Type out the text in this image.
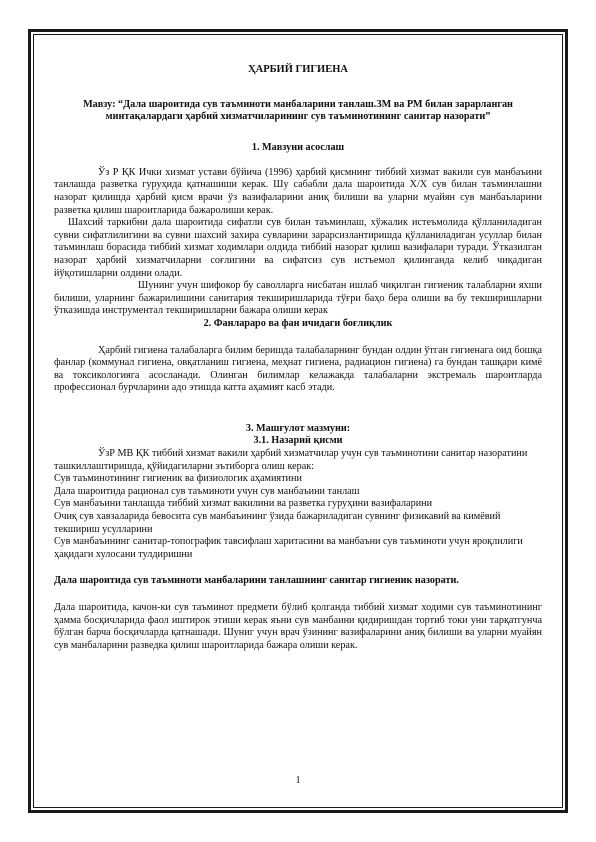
ҲАРБИЙ ГИГИЕНА

Мавзу: “Дала шароитида сув таъминоти манбаларини танлаш.ЗМ ва РМ билан зарарланган минтақалардаги ҳарбий хизматчиларининг сув таъминотининг санитар назорати”

1. Мавзуни асослаш

Ўз Р ҚК Ички хизмат устави бўйича (1996) ҳарбий қисмнинг тиббий хизмат вакили сув манбаъини танлашда разветка гуруҳида қатнашиши керак. Шу сабабли дала шароитида Х/Х сув билан таъминлашни назорат қилишда ҳарбий қисм врачи ўз вазифаларини аниқ билиши ва уларни муайян сув манбаъларини разветка қилиш шароитларида бажаролиши керак.

Шахсий таркибни дала шароитида сифатли сув билан таъминлаш, хўжалик истеъмолида қўлланиладиган сувни сифатлилигини ва сувни шахсий захира сувларини зарарсизлантиришда қўлланиладиган усуллар билан таъминлаш борасида тиббий хизмат ходимлари олдида тиббий назорат қилиш вазифалари туради. Ўтказилган назорат ҳарбий хизматчиларни соғлигини ва сифатсиз сув истъемол қилинганда келиб чиқадиган йўқотишларни олдини олади.

Шунинг учун шифокор бу саволларга нисбатан ишлаб чиқилган гигиеник талабларни яхши билиши, уларнинг бажарилишини санитария текширишларида тўғри баҳо бера олиши ва бу текширишларни ўтказишда инструментал текширишларни бажара олиши керак

2. Фанлараро ва фан ичидаги боғлиқлик

Ҳарбий гигиена талабаларга билим беришда талабаларнинг бундан олдин ўтган гигиенага оид бошқа фанлар (коммунал гигиена, овқатланиш гигиена, меҳнат гигиена, радиацион гигиена) га бундан ташқари кимё ва токсикологияга асосланади. Олинган билимлар келажакда талабаларни экстремаль шароитларда профессионал бурчларини адо этишда катта аҳамият касб этади.

3. Машғулот мазмуни:

3.1. Назарий қисми

ЎзР МВ ҚК тиббий хизмат вакили ҳарбий хизматчилар учун сув таъминотини санитар назоратини ташкиллаштиришда, қўйидагиларни эътиборга олиш керак:

Сув таъминотининг гигиеник ва физиологик аҳамиятини

Дала шароитида рационал сув таъминоти учун сув манбаъини танлаш

Сув манбаъини танлашда тиббий хизмат вакилини ва разветка гуруҳини вазифаларини

Очиқ сув хавзаларида бевосита сув манбаъининг ўзида бажариладиган сувнинг физикавий ва кимёвий текшириш усулларини

Сув манбаъининг санитар-топографик тавсифлаш харитасини ва манбаъни сув таъминоти учун яроқлилиги ҳақидаги хулосани тулдиришни

Дала шароитида сув таъминоти манбаларини танлашнинг санитар гигиеник назорати.

Дала шароитида, качон-ки сув таъминот предмети бўлиб қолганда тиббий хизмат ходими сув таъминотининг ҳамма босқичларида фаол иштирок этиши керак яъни сув манбаини қидиришдан тортиб токи уни тарқатгунча бўлган барча босқичларда қатнашади. Шуниг учун врач ўзининг вазифаларини аниқ билиши ва уларни муайян сув манбаларини разведка қилиш шароитларида бажара олиши керак.

1
